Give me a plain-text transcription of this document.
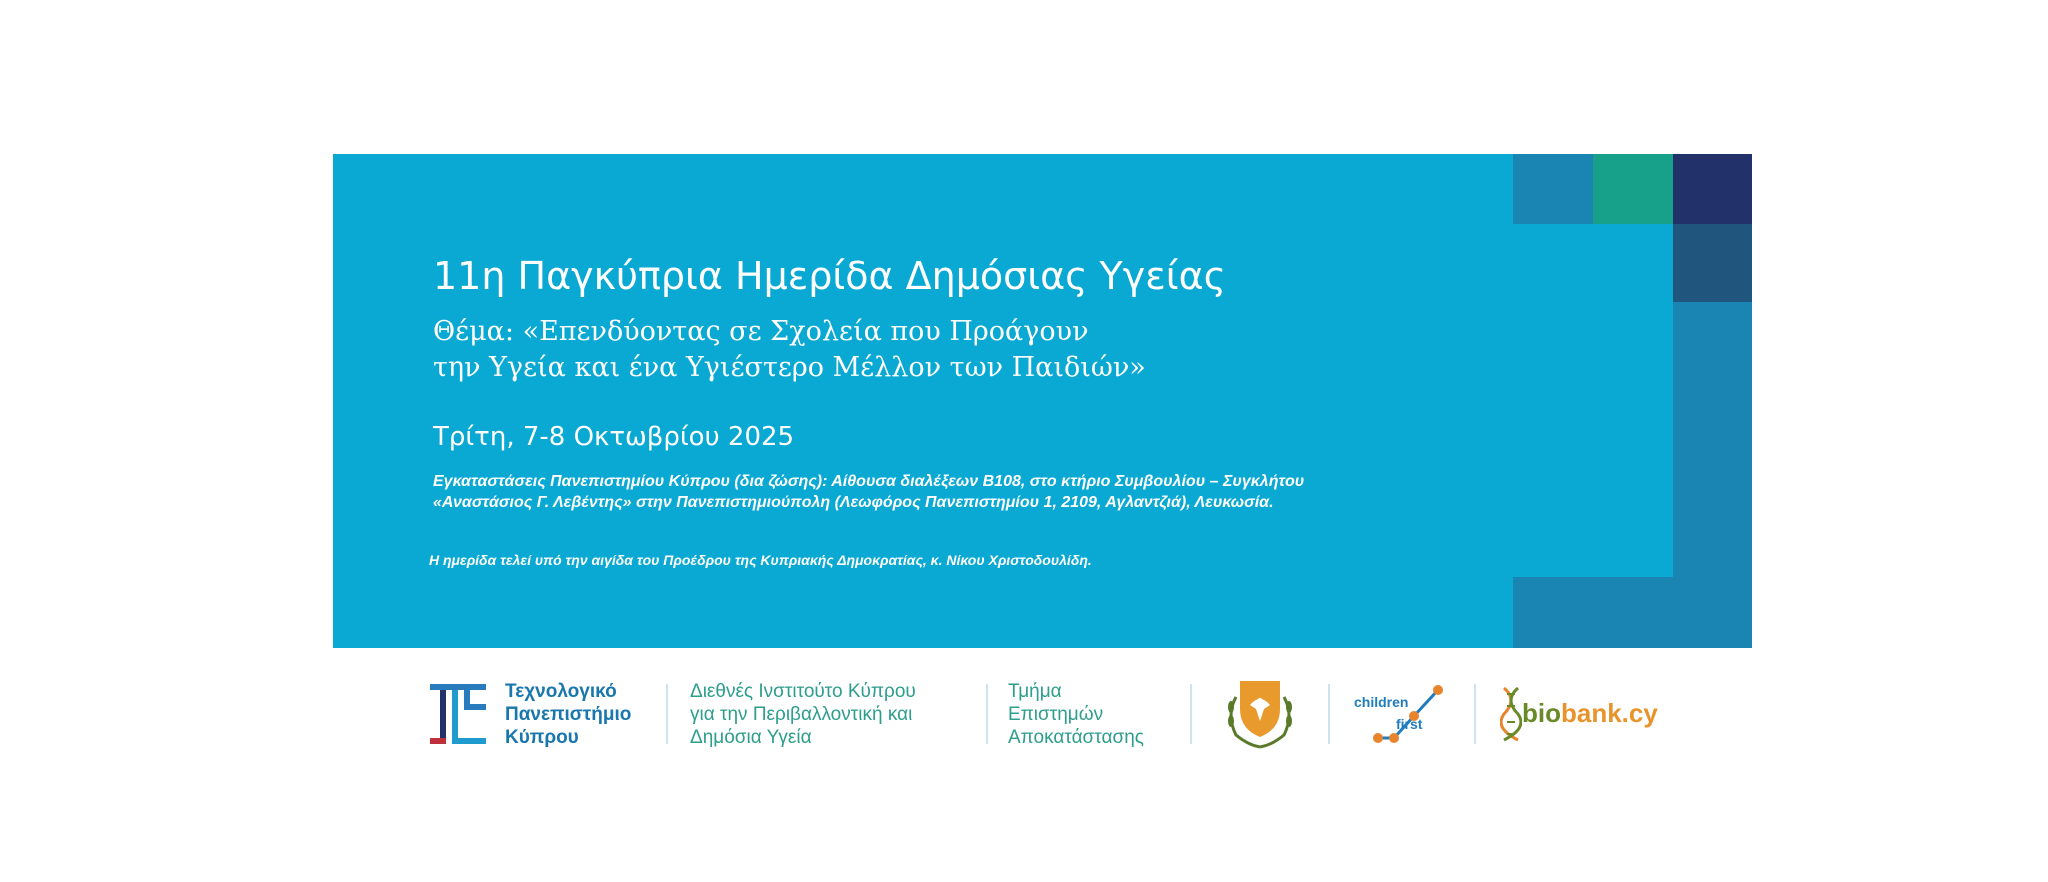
11η Παγκύπρια Ημερίδα Δημόσιας Υγείας

Θέμα: «Επενδύοντας σε Σχολεία που Προάγουν
την Υγεία και ένα Υγιέστερο Μέλλον των Παιδιών»

Τρίτη, 7-8 Οκτωβρίου 2025
Εγκαταστάσεις Πανεπιστημίου Κύπρου (δια ζώσης): Αίθουσα διαλέξεων Β108, στο κτήριο Συμβουλίου – Συγκλήτου
«Αναστάσιος Γ. Λεβέντης» στην Πανεπιστημιούπολη (Λεωφόρος Πανεπιστημίου 1, 2109, Αγλαντζιά), Λευκωσία.
Η ημερίδα τελεί υπό την αιγίδα του Προέδρου της Κυπριακής Δημοκρατίας, κ. Νίκου Χριστοδουλίδη.
Τεχνολογικό
Πανεπιστήμιο
Κύπρου
Διεθνές Ινστιτούτο Κύπρου
για την Περιβαλλοντική και
Δημόσια Υγεία
Τμήμα
Επιστημών
Αποκατάστασης
children
first	biobank.cy
